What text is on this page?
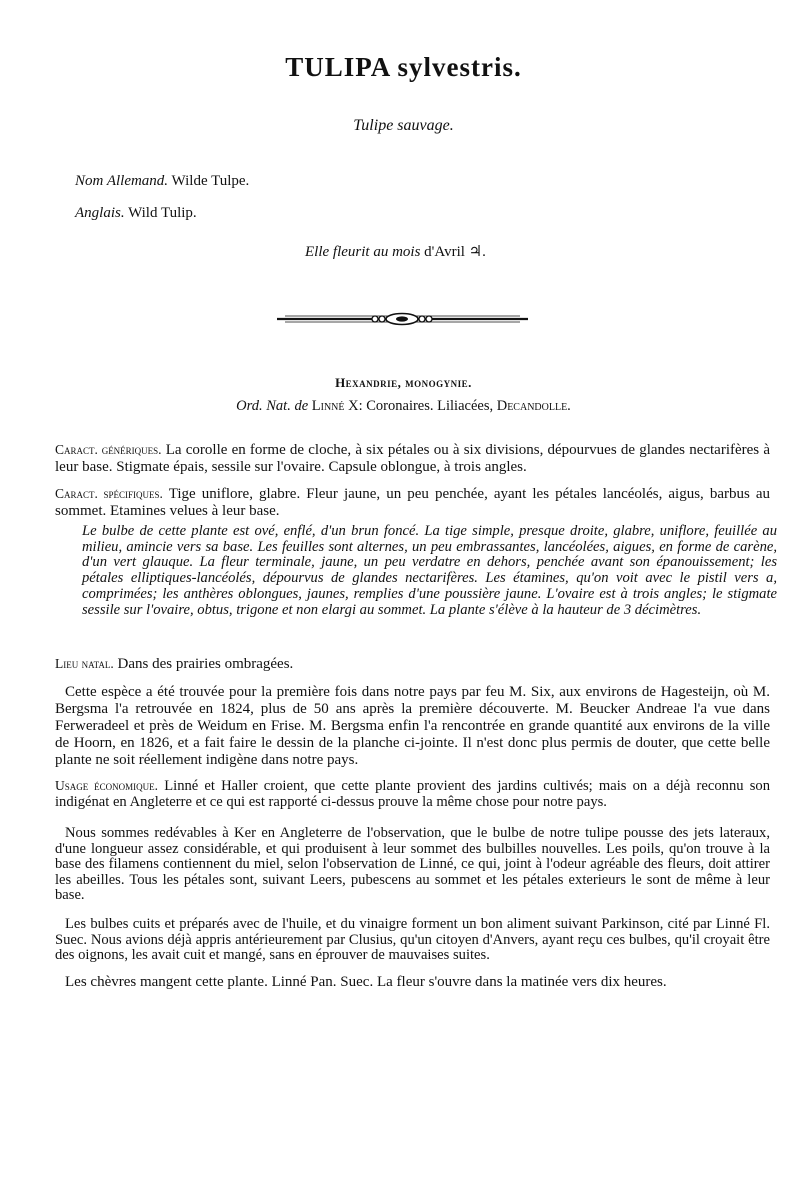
TULIPA sylvestris.
Tulipe sauvage.
Nom Allemand. Wilde Tulpe.
Anglais. Wild Tulip.
Elle fleurit au mois d'Avril ♃.
Hexandrie, monogynie.
Ord. Nat. de Linné X: Coronaires. Liliacées, Decandolle.
Caract. génériques. La corolle en forme de cloche, à six pétales ou à six divisions, dépourvues de glandes nectarifères à leur base. Stigmate épais, sessile sur l'ovaire. Capsule oblongue, à trois angles.
Caract. spécifiques. Tige uniflore, glabre. Fleur jaune, un peu penchée, ayant les pétales lancéolés, aigus, barbus au sommet. Etamines velues à leur base.
Le bulbe de cette plante est ové, enflé, d'un brun foncé. La tige simple, presque droite, glabre, uniflore, feuillée au milieu, amincie vers sa base. Les feuilles sont alternes, un peu embrassantes, lancéolées, aigues, en forme de carène, d'un vert glauque. La fleur terminale, jaune, un peu verdatre en dehors, penchée avant son épanouissement; les pétales elliptiques-lancéolés, dépourvus de glandes nectarifères. Les étamines, qu'on voit avec le pistil vers a, comprimées; les anthères oblongues, jaunes, remplies d'une poussière jaune. L'ovaire est à trois angles; le stigmate sessile sur l'ovaire, obtus, trigone et non elargi au sommet. La plante s'élève à la hauteur de 3 décimètres.
Lieu natal. Dans des prairies ombragées.
Cette espèce a été trouvée pour la première fois dans notre pays par feu M. Six, aux environs de Hagesteijn, où M. Bergsma l'a retrouvée en 1824, plus de 50 ans après la première découverte. M. Beucker Andreae l'a vue dans Ferweradeel et près de Weidum en Frise. M. Bergsma enfin l'a rencontrée en grande quantité aux environs de la ville de Hoorn, en 1826, et a fait faire le dessin de la planche ci-jointe. Il n'est donc plus permis de douter, que cette belle plante ne soit réellement indigène dans notre pays.
Usage économique. Linné et Haller croient, que cette plante provient des jardins cultivés; mais on a déjà reconnu son indigénat en Angleterre et ce qui est rapporté ci-dessus prouve la même chose pour notre pays.
Nous sommes redévables à Ker en Angleterre de l'observation, que le bulbe de notre tulipe pousse des jets lateraux, d'une longueur assez considérable, et qui produisent à leur sommet des bulbilles nouvelles. Les poils, qu'on trouve à la base des filamens contiennent du miel, selon l'observation de Linné, ce qui, joint à l'odeur agréable des fleurs, doit attirer les abeilles. Tous les pétales sont, suivant Leers, pubescens au sommet et les pétales exterieurs le sont de même à leur base.
Les bulbes cuits et préparés avec de l'huile, et du vinaigre forment un bon aliment suivant Parkinson, cité par Linné Fl. Suec. Nous avions déjà appris antérieurement par Clusius, qu'un citoyen d'Anvers, ayant reçu ces bulbes, qu'il croyait être des oignons, les avait cuit et mangé, sans en éprouver de mauvaises suites.
Les chèvres mangent cette plante. Linné Pan. Suec. La fleur s'ouvre dans la matinée vers dix heures.
